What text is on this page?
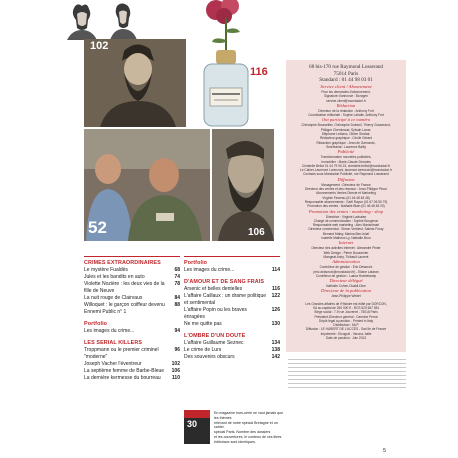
116
102
52	106
68 bis-170 rue Raymond Losserand
75014 Paris
Standard : 01 44 98 03 01
Service client / Abonnement
Pour les demandes d'abonnement,
Signature d'annonce : Burogen
service.client@mondadori.fr
Rédaction
Directeur de la rédaction : Anthony Fort
Coordination éditoriale : Sophie Lahalle, Anthony Fort
Ont participé à ce numéro
Christophe Bourseiller, Christophe Dutreuil, Thierry Gosserand,
Philippe Cheminaud, Sylvain Larue,
Stéphane Leblanc, Olivier Sinclair,
Rédacteur graphique : Cécile Gérard
Rédaction graphique : Jean de Gamonds,
Secrétariat : Laurence Bailly
Publicité
Transformation nouvelles publicités,
Immobilier : Marie-Claude Derodes
Christelle Bellot 01 44 79 06 23, christelle.bellot@mondadori.fr
Le Cahier-Laurence Lorenzoni, laurence.lorenzoni@mondadori.fr
Contacts sous Mondadori Publicité, rue Raymond Losserand
Diffusion
Management : Directeur de France
Directeur des ventes et des réseaux : Jean-Philippe Pinon
Abonnements Ventes Directe et Marketing
Virginie Favreau (01 46 48 48 48)
Responsable abonnements : Gaël Rayon (01 67 06 50 79)
Promotion des ventes : Nathalie Blain (01 46 48 48 20)
Promotion des ventes - marketing - shop
Directrice : Virginie Lachaise
Chargé de communication : Sophie Bougeron
Responsable web marketing : Alex Marisnimari
Directeur commercial : Simon Verbiest, Sabine Foray
Bernard Maisy, Marina Ben-Ishaï
Isabelle Matheux-Ly, Nathalie Brun
Internet
Directeur des activités Internet : Alexandre Pinter
Web Design : Pierre Bouzarnier
Mangeat Andy, Thibault Laurent
Administration
Contrôleur de gestion : Eric Delacroix
(eric.delacroix@mondadori.fr) - Eliane Lataran
Contrôleur de gestion : Luana Huertekamp
Directeur délégué
Nathalie Cohen-Ouakil-Dine
Directeur de la publication
Jean-Philippe Wedet
Les Grandes affaires de l'Histoire est édité par DORCON,
SA au capital de 250 000 € - RCS 520 657 551
Siège social : 7-9 rue Jouvenet - 75016 Paris
Président-Directeur général : Carmine Perna
Dépôt légal à parution - Printed in Italy
Distribution : MLP
Diffusion : LE HUBERT DE L'ACCÈS - Sarl Ile de France
Imprimerie : Elcograf - Verona, Italie
Date de parution : Juin 2013
CRIMES EXTRAORDINAIRES
Le mystère Fualdès	68
Jules et les bandits en auto	74
Violette Nozière : les deux vies de la fille de Neuve
78
La nuit rouge de Clairvaux	84
Willoquet : le garçon coiffeur devenu Ennemi Public n° 1
88
Portfolio
Les images du crime...	94
LES SERIAL KILLERS
Troppmann ou le premier criminel "moderne"
96
Joseph Vacher l'éventreur	102
La septième femme de Barbe-Bleue 106
La dernière kermesse du bourreau 110
Portfolio
Les images du crime...	114
D'AMOUR ET DE SANG FRAIS
Arsenic et belles dentelles	116
L'affaire Caillaux : un drame politique et sentimental
122
L'affaire Popin ou les braves énragées
126
Ne me quitte pas	130
L'OMBRE D'UN DOUTE
L'affaire Guillaume Seznec	134
Le crime de Lurs	138
Des souvenirs obscurs	142
30
En magazine hors-série ne vaut jamais que les thèmes
relevant de notre spécial Bretagne et un cahier
spécial Paris. Nombre des dossiers
et les couvertures, le contenu de ces titres
éditoriaux sont identiques.
5
